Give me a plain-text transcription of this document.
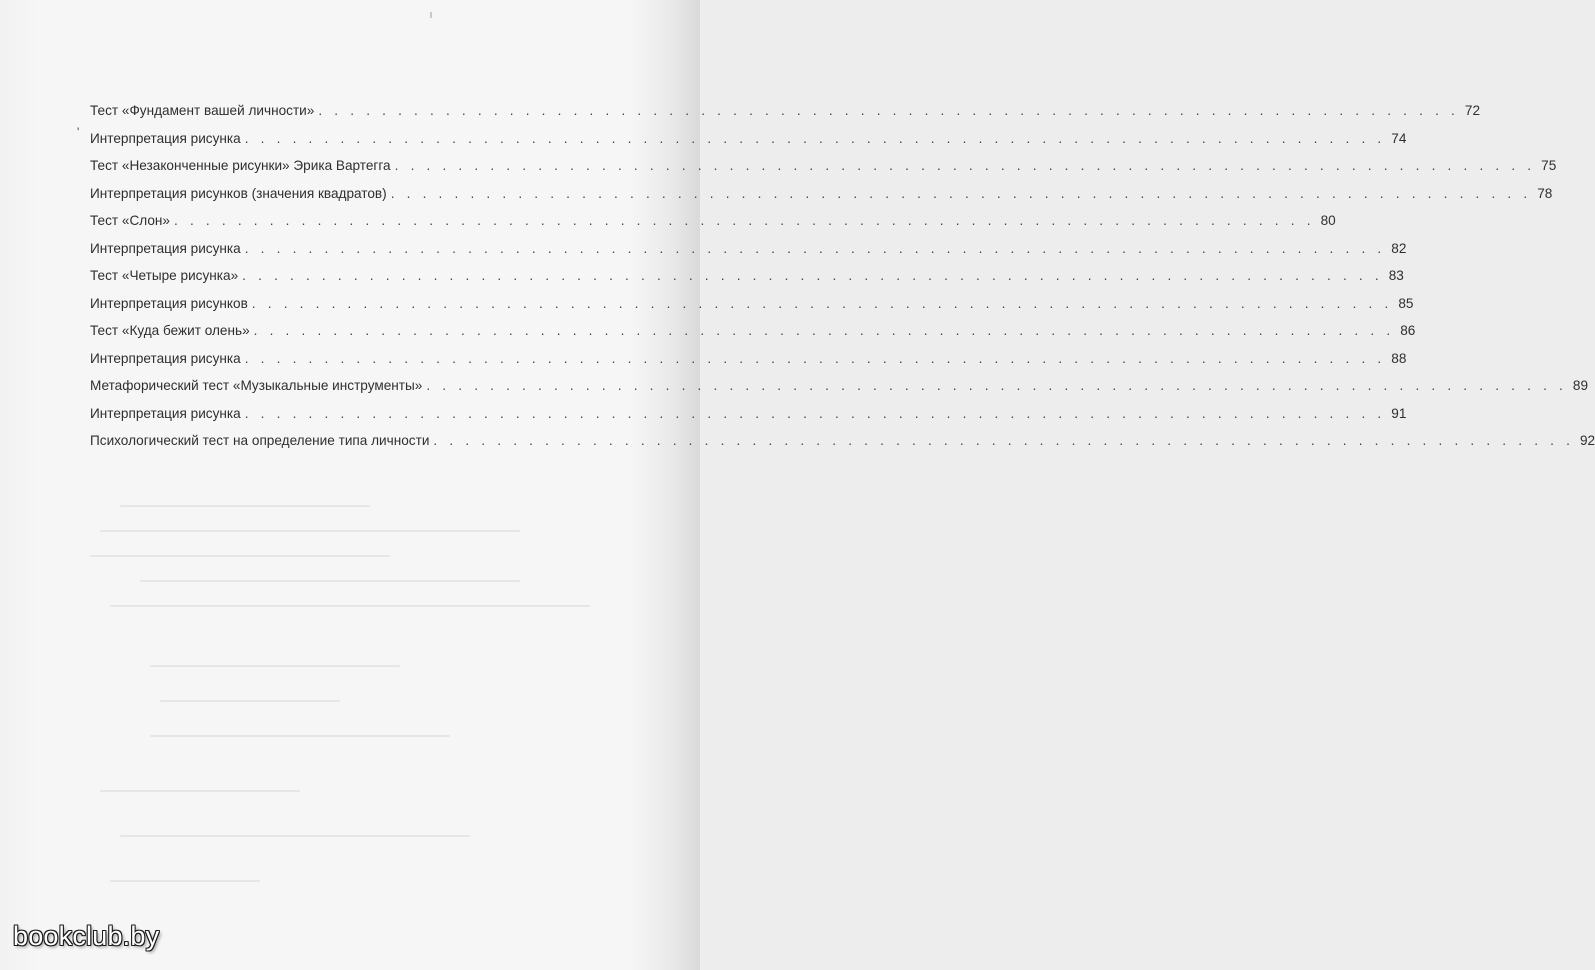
'
Тест «Фундамент вашей личности» . . . . . . . . . . . . . . . . . . . . . . . . . . . . . . . . . . . . . . . . . . . . . . . . . . . . . . . . . . . . . . . . . . . . . . . . 72
Интерпретация рисунка . . . . . . . . . . . . . . . . . . . . . . . . . . . . . . . . . . . . . . . . . . . . . . . . . . . . . . . . . . . . . . . . . . . . . . . . 74
Тест «Незаконченные рисунки» Эрика Вартегга . . . . . . . . . . . . . . . . . . . . . . . . . . . . . . . . . . . . . . . . . . . . . . . . . . . . . . . . . . . . . . . . . . . . . . . . 75
Интерпретация рисунков (значения квадратов) . . . . . . . . . . . . . . . . . . . . . . . . . . . . . . . . . . . . . . . . . . . . . . . . . . . . . . . . . . . . . . . . . . . . . . . . 78
Тест «Слон» . . . . . . . . . . . . . . . . . . . . . . . . . . . . . . . . . . . . . . . . . . . . . . . . . . . . . . . . . . . . . . . . . . . . . . . . 80
Интерпретация рисунка . . . . . . . . . . . . . . . . . . . . . . . . . . . . . . . . . . . . . . . . . . . . . . . . . . . . . . . . . . . . . . . . . . . . . . . . 82
Тест «Четыре рисунка» . . . . . . . . . . . . . . . . . . . . . . . . . . . . . . . . . . . . . . . . . . . . . . . . . . . . . . . . . . . . . . . . . . . . . . . . 83
Интерпретация рисунков . . . . . . . . . . . . . . . . . . . . . . . . . . . . . . . . . . . . . . . . . . . . . . . . . . . . . . . . . . . . . . . . . . . . . . . . 85
Тест «Куда бежит олень» . . . . . . . . . . . . . . . . . . . . . . . . . . . . . . . . . . . . . . . . . . . . . . . . . . . . . . . . . . . . . . . . . . . . . . . . 86
Интерпретация рисунка . . . . . . . . . . . . . . . . . . . . . . . . . . . . . . . . . . . . . . . . . . . . . . . . . . . . . . . . . . . . . . . . . . . . . . . . 88
Метафорический тест «Музыкальные инструменты» . . . . . . . . . . . . . . . . . . . . . . . . . . . . . . . . . . . . . . . . . . . . . . . . . . . . . . . . . . . . . . . . . . . . . . . . 89
Интерпретация рисунка . . . . . . . . . . . . . . . . . . . . . . . . . . . . . . . . . . . . . . . . . . . . . . . . . . . . . . . . . . . . . . . . . . . . . . . . 91
Психологический тест на определение типа личности . . . . . . . . . . . . . . . . . . . . . . . . . . . . . . . . . . . . . . . . . . . . . . . . . . . . . . . . . . . . . . . . . . . . . . . . 92
bookclub.by
